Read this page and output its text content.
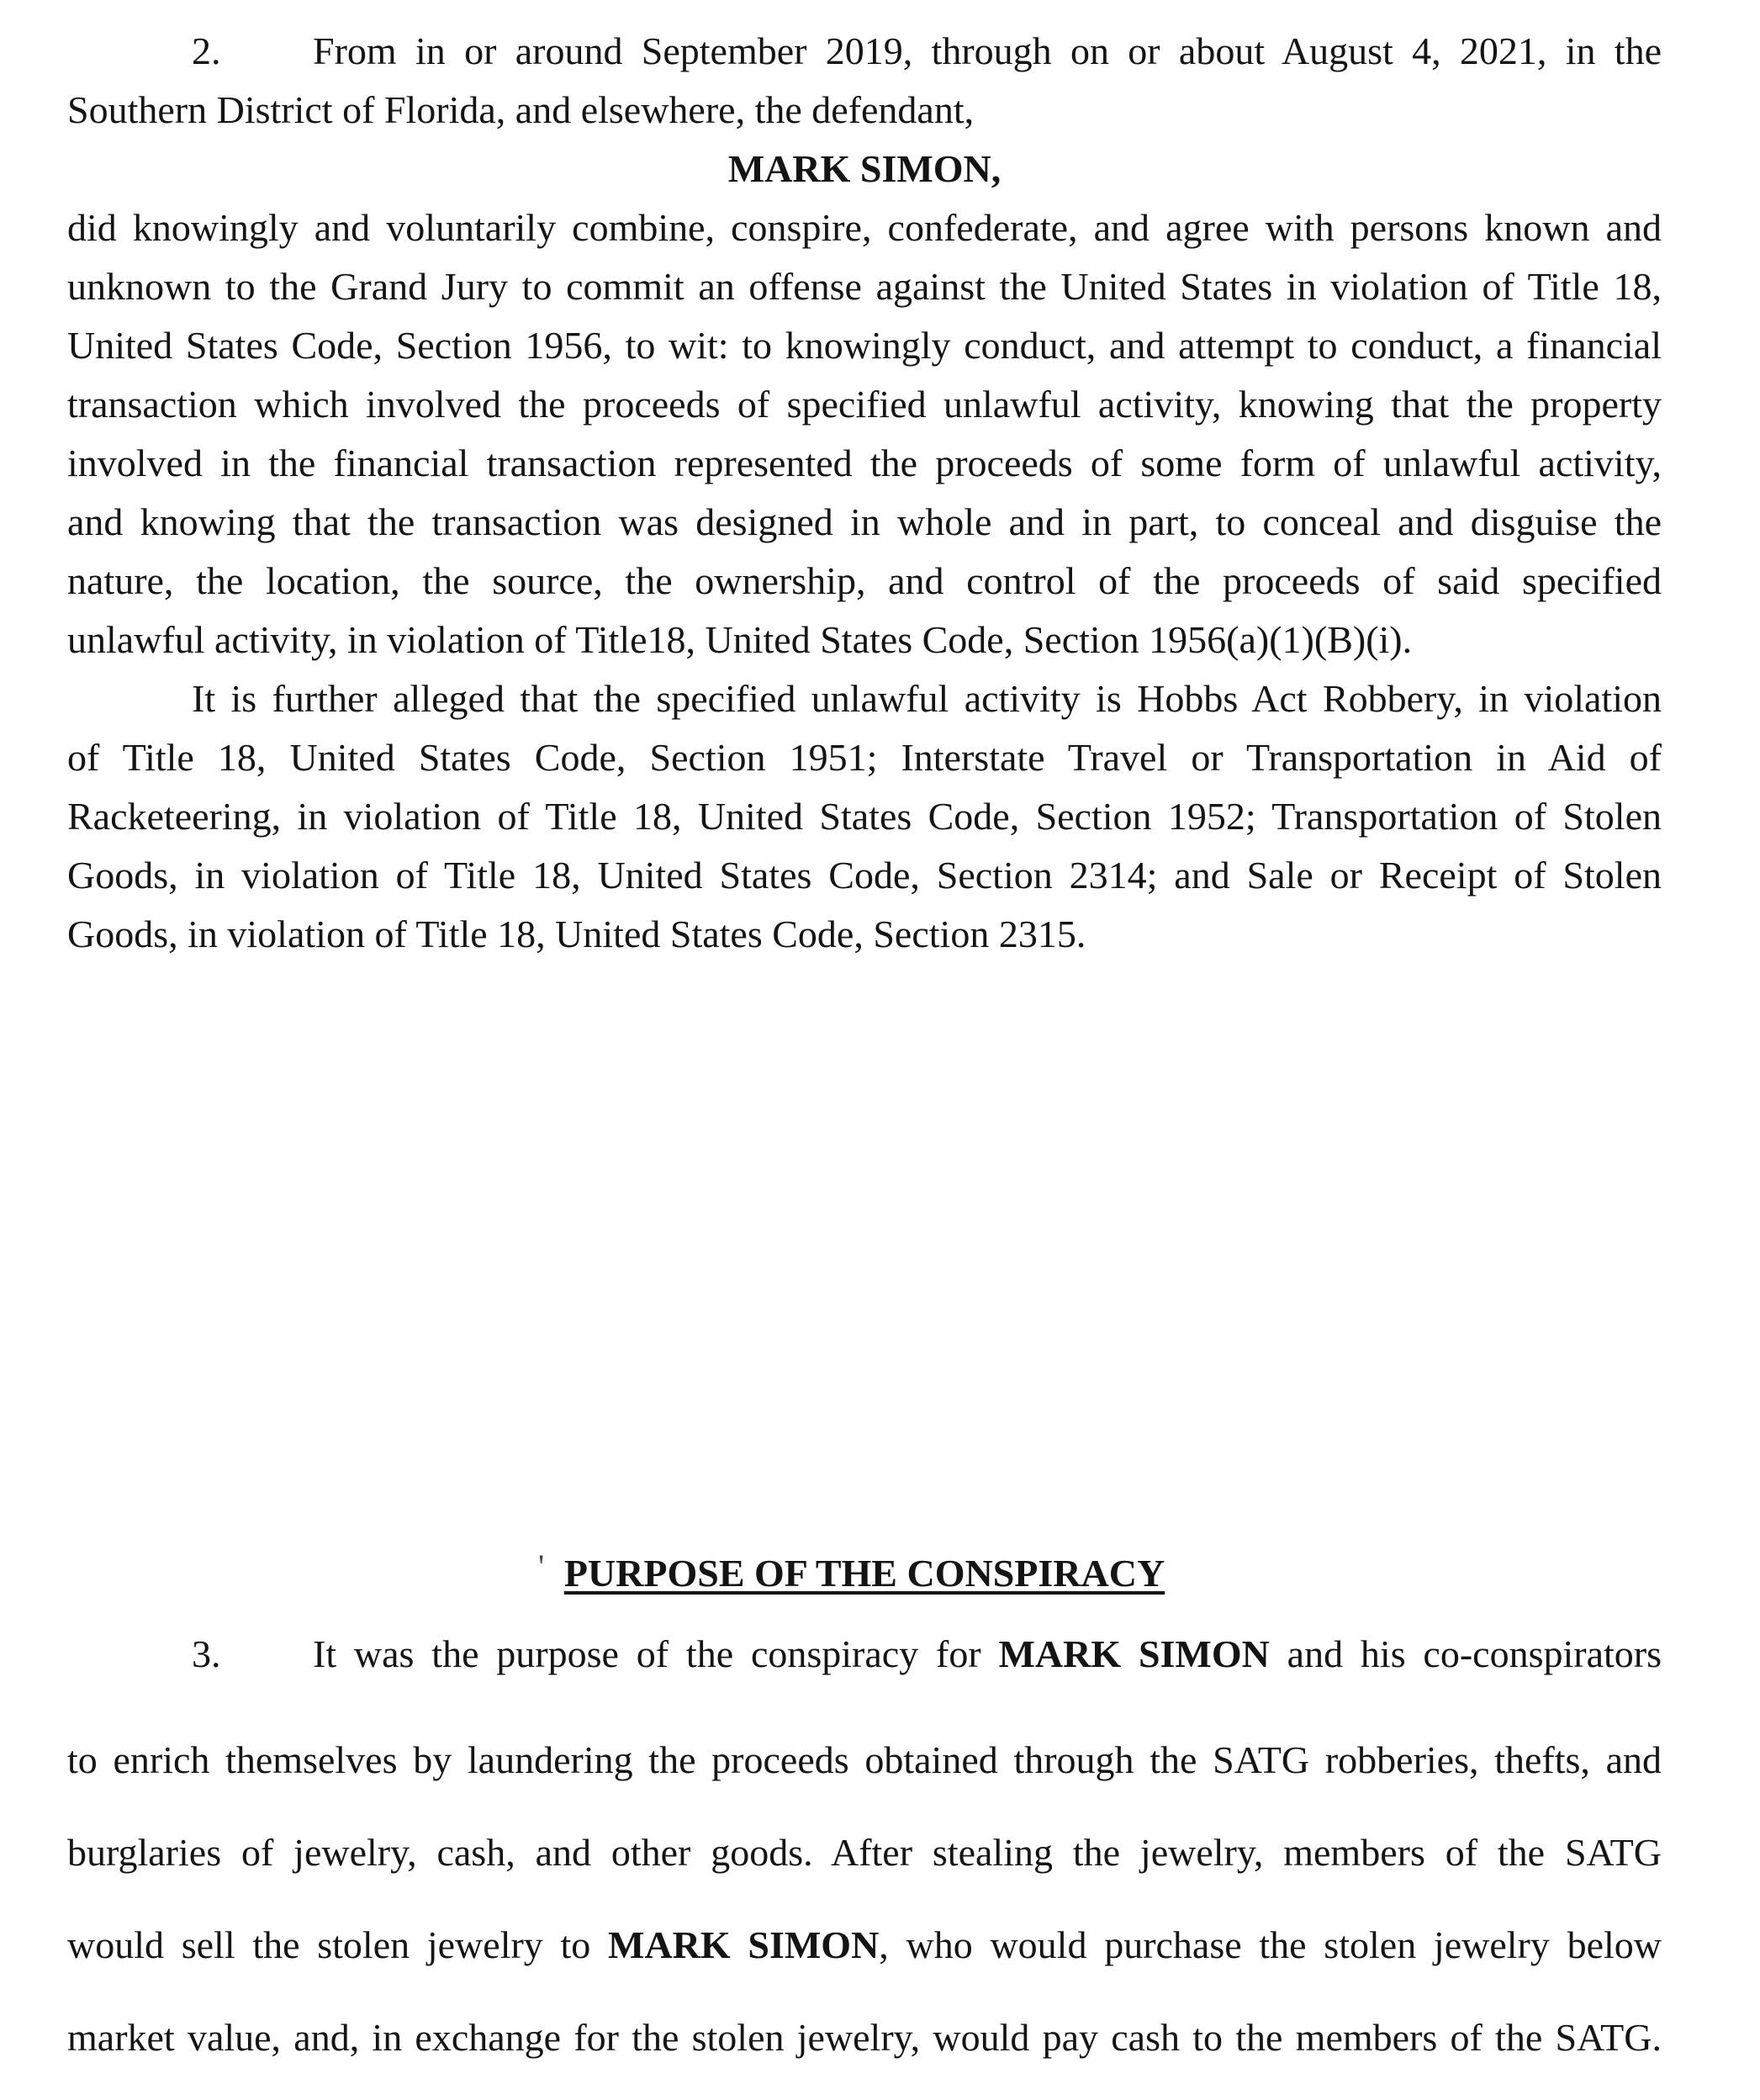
2. From in or around September 2019, through on or about August 4, 2021, in the
Southern District of Florida, and elsewhere, the defendant,
MARK SIMON,
did knowingly and voluntarily combine, conspire, confederate, and agree with persons known and
unknown to the Grand Jury to commit an offense against the United States in violation of Title 18,
United States Code, Section 1956, to wit: to knowingly conduct, and attempt to conduct, a financial
transaction which involved the proceeds of specified unlawful activity, knowing that the property
involved in the financial transaction represented the proceeds of some form of unlawful activity,
and knowing that the transaction was designed in whole and in part, to conceal and disguise the
nature, the location, the source, the ownership, and control of the proceeds of said specified
unlawful activity, in violation of Title18, United States Code, Section 1956(a)(1)(B)(i).
It is further alleged that the specified unlawful activity is Hobbs Act Robbery, in violation
of Title 18, United States Code, Section 1951; Interstate Travel or Transportation in Aid of
Racketeering, in violation of Title 18, United States Code, Section 1952; Transportation of Stolen
Goods, in violation of Title 18, United States Code, Section 2314; and Sale or Receipt of Stolen
Goods, in violation of Title 18, United States Code, Section 2315.
' PURPOSE OF THE CONSPIRACY
3. It was the purpose of the conspiracy for MARK SIMON and his co-conspirators
to enrich themselves by laundering the proceeds obtained through the SATG robberies, thefts, and
burglaries of jewelry, cash, and other goods. After stealing the jewelry, members of the SATG
would sell the stolen jewelry to MARK SIMON, who would purchase the stolen jewelry below
market value, and, in exchange for the stolen jewelry, would pay cash to the members of the SATG.
